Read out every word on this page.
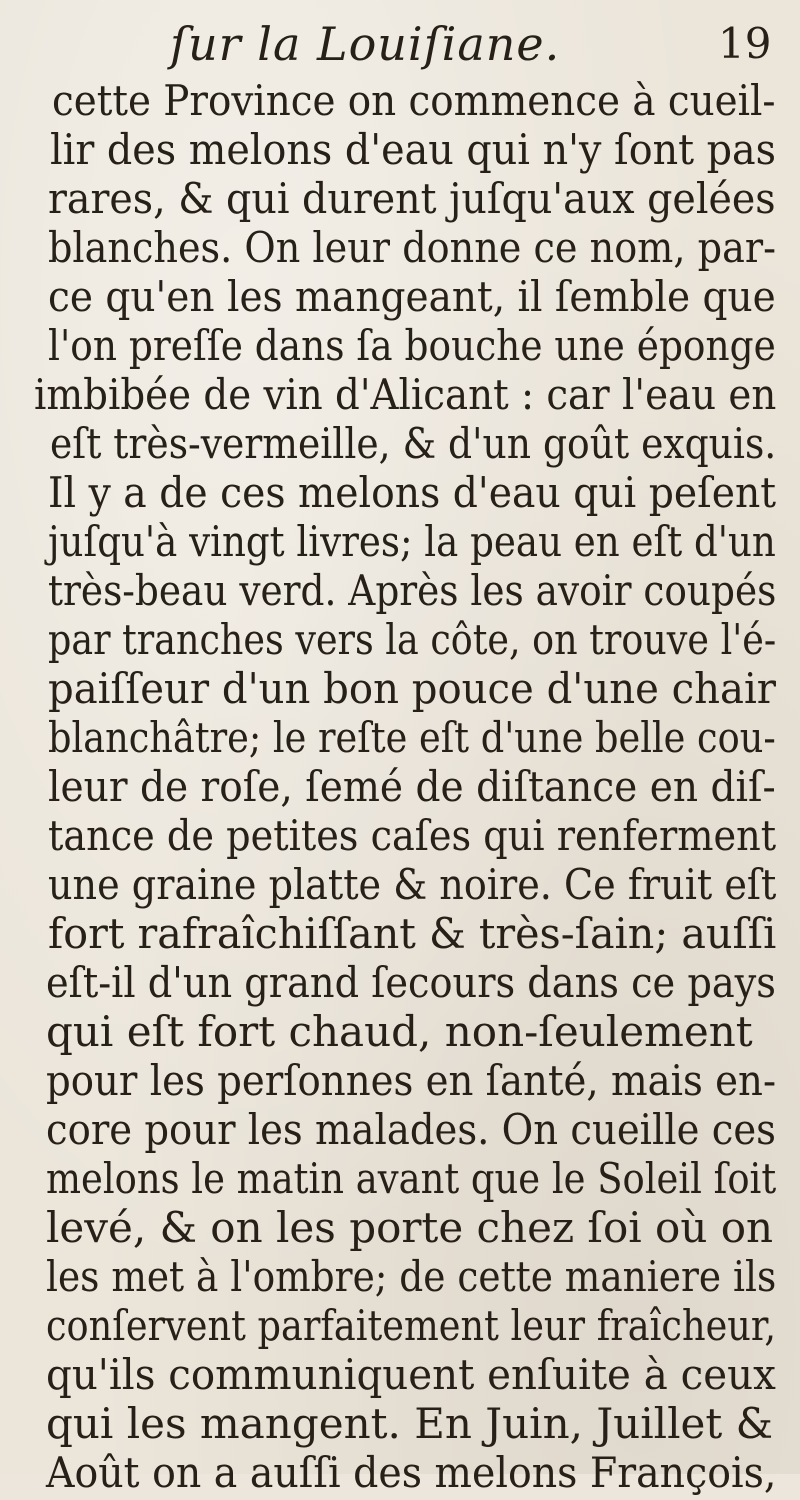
ſur la Louiſiane.	19
cette Province on commence à cueil-
lir des melons d'eau qui n'y ſont pas
rares, & qui durent juſqu'aux gelées
blanches. On leur donne ce nom, par-
ce qu'en les mangeant, il ſemble que
l'on preſſe dans ſa bouche une éponge
imbibée de vin d'Alicant : car l'eau en
eſt très-vermeille, & d'un goût exquis.
Il y a de ces melons d'eau qui peſent
juſqu'à vingt livres; la peau en eſt d'un
très-beau verd. Après les avoir coupés
par tranches vers la côte, on trouve l'é-
paiſſeur d'un bon pouce d'une chair
blanchâtre; le reſte eſt d'une belle cou-
leur de roſe, ſemé de diſtance en diſ-
tance de petites caſes qui renferment
une graine platte & noire. Ce fruit eſt
fort rafraîchiſſant & très-ſain; auſſi
eſt-il d'un grand ſecours dans ce pays
qui eſt fort chaud, non-ſeulement
pour les perſonnes en ſanté, mais en-
core pour les malades. On cueille ces
melons le matin avant que le Soleil ſoit
levé, & on les porte chez ſoi où on
les met à l'ombre; de cette maniere ils
conſervent parfaitement leur fraîcheur,
qu'ils communiquent enſuite à ceux
qui les mangent. En Juin, Juillet &
Août on a auſſi des melons François,
